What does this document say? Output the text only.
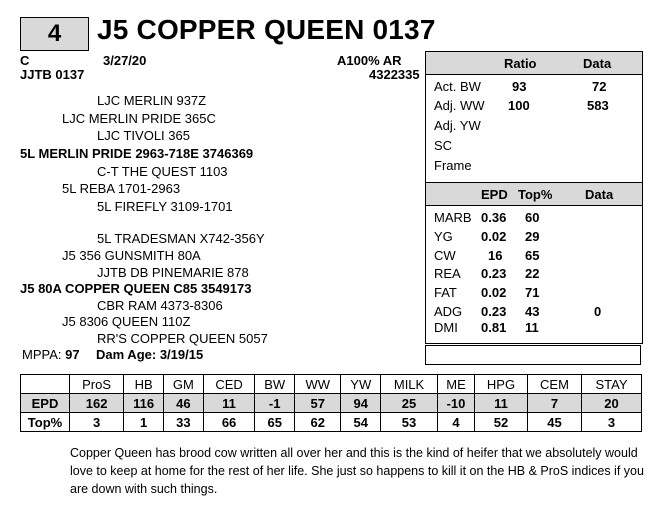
4	J5 COPPER QUEEN 0137
C	3/27/20
JJTB 0137
A100% AR
4322335
LJC MERLIN 937Z
LJC MERLIN PRIDE 365C
LJC TIVOLI 365
5L MERLIN PRIDE 2963-718E 3746369
C-T THE QUEST 1103
5L REBA 1701-2963
5L FIREFLY 3109-1701
5L TRADESMAN X742-356Y
J5 356 GUNSMITH 80A
JJTB DB PINEMARIE 878
J5 80A COPPER QUEEN C85 3549173
CBR RAM 4373-8306
J5 8306 QUEEN 110Z
RR'S COPPER QUEEN 5057
MPPA: 97 Dam Age: 3/19/15
Ratio	Data
Act. BW 93	72
Adj. WW 100	583
Adj. YW
SC
Frame
EPD Top%	Data
MARB 0.36 60
YG 0.02 29
CW 16 65
REA 0.23 22
FAT 0.02 71
ADG 0.23 43	0
DMI 0.81 11
	ProS	HB	GM	CED	BW	WW	YW	MILK	ME	HPG	CEM	STAY
EPD	162	116	46	11	-1	57	94	25	-10	11	7	20
Top%	3	1	33	66	65	62	54	53	4	52	45	3
Copper Queen has brood cow written all over her and this is the kind of heifer that we absolutely would love to keep at home for the rest of her life. She just so happens to kill it on the HB & ProS indices if you are down with such things.
